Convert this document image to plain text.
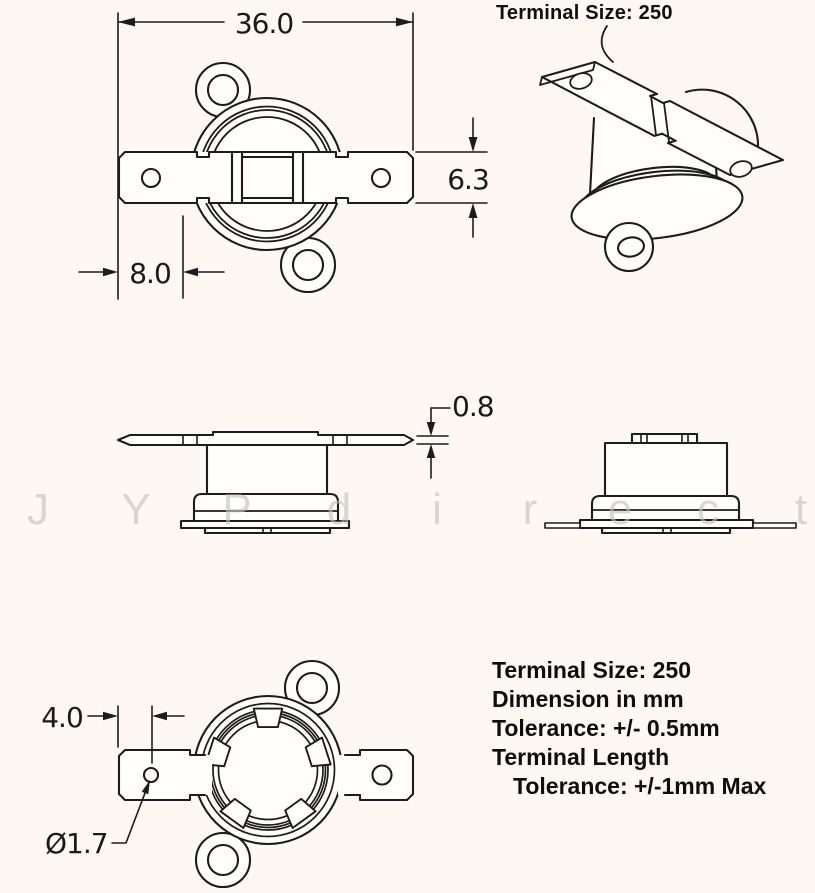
36.0
8.0
6.3
0.8
4.0
Ø1.7
J Y P d i r e c t
Terminal Size: 250
Terminal Size: 250
Dimension in mm
Tolerance: +/- 0.5mm
Terminal Length
Tolerance: +/-1mm Max
